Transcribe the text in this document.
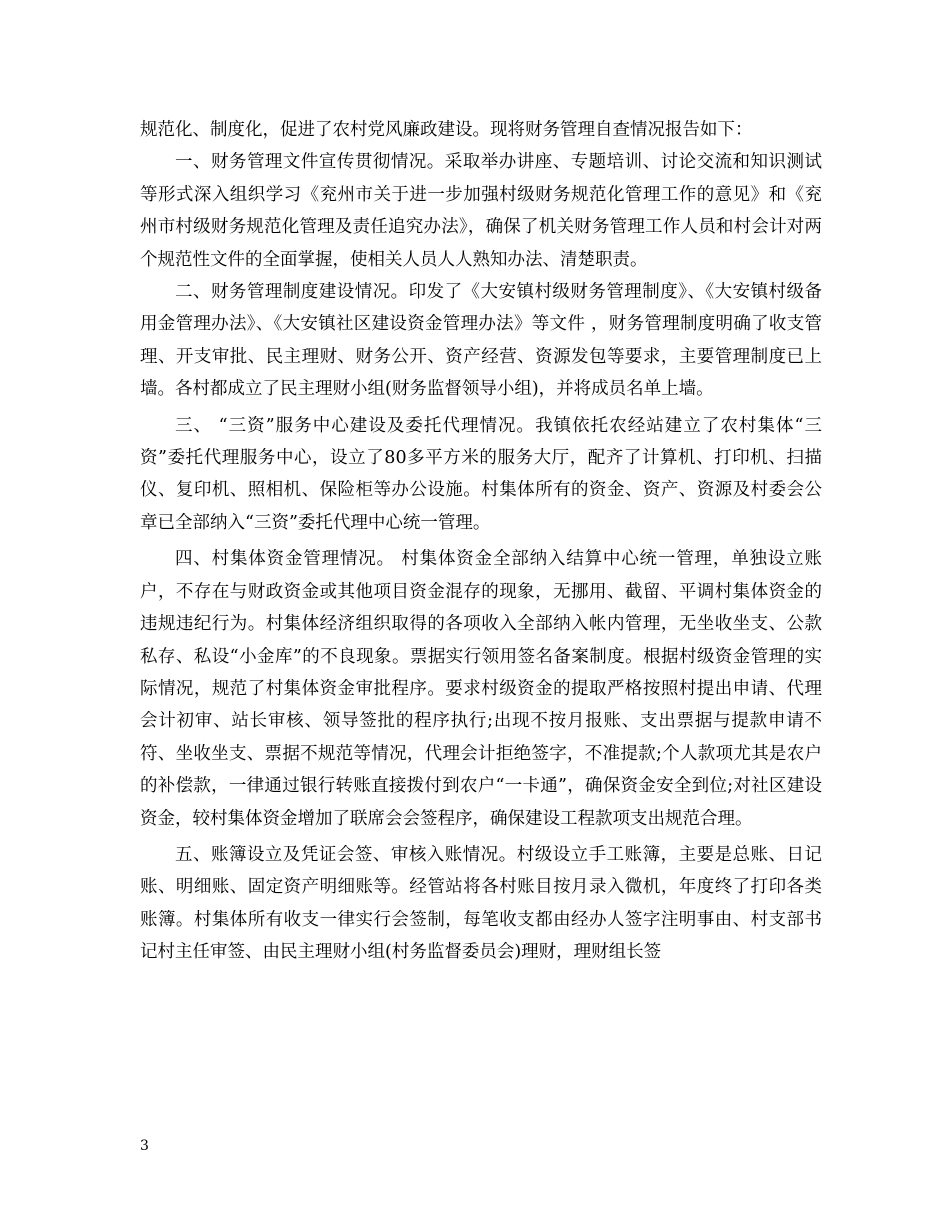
规范化、制度化，促进了农村党风廉政建设。现将财务管理自查情况报告如下：

一、财务管理文件宣传贯彻情况。采取举办讲座、专题培训、讨论交流和知识测试等形式深入组织学习《兖州市关于进一步加强村级财务规范化管理工作的意见》和《兖州市村级财务规范化管理及责任追究办法》，确保了机关财务管理工作人员和村会计对两个规范性文件的全面掌握，使相关人员人人熟知办法、清楚职责。

二、财务管理制度建设情况。印发了《大安镇村级财务管理制度》、《大安镇村级备用金管理办法》、《大安镇社区建设资金管理办法》等文件 ，财务管理制度明确了收支管理、开支审批、民主理财、财务公开、资产经营、资源发包等要求，主要管理制度已上墙。各村都成立了民主理财小组(财务监督领导小组)，并将成员名单上墙。

三、 “三资”服务中心建设及委托代理情况。我镇依托农经站建立了农村集体“三资”委托代理服务中心，设立了80多平方米的服务大厅，配齐了计算机、打印机、扫描仪、复印机、照相机、保险柜等办公设施。村集体所有的资金、资产、资源及村委会公章已全部纳入“三资”委托代理中心统一管理。

四、村集体资金管理情况。 村集体资金全部纳入结算中心统一管理，单独设立账户，不存在与财政资金或其他项目资金混存的现象，无挪用、截留、平调村集体资金的违规违纪行为。村集体经济组织取得的各项收入全部纳入帐内管理，无坐收坐支、公款私存、私设“小金库”的不良现象。票据实行领用签名备案制度。根据村级资金管理的实际情况，规范了村集体资金审批程序。要求村级资金的提取严格按照村提出申请、代理会计初审、站长审核、领导签批的程序执行;出现不按月报账、支出票据与提款申请不符、坐收坐支、票据不规范等情况，代理会计拒绝签字，不准提款;个人款项尤其是农户的补偿款，一律通过银行转账直接拨付到农户“一卡通”，确保资金安全到位;对社区建设资金，较村集体资金增加了联席会会签程序，确保建设工程款项支出规范合理。

五、账簿设立及凭证会签、审核入账情况。村级设立手工账簿，主要是总账、日记账、明细账、固定资产明细账等。经管站将各村账目按月录入微机，年度终了打印各类账簿。村集体所有收支一律实行会签制，每笔收支都由经办人签字注明事由、村支部书记村主任审签、由民主理财小组(村务监督委员会)理财，理财组长签

3
